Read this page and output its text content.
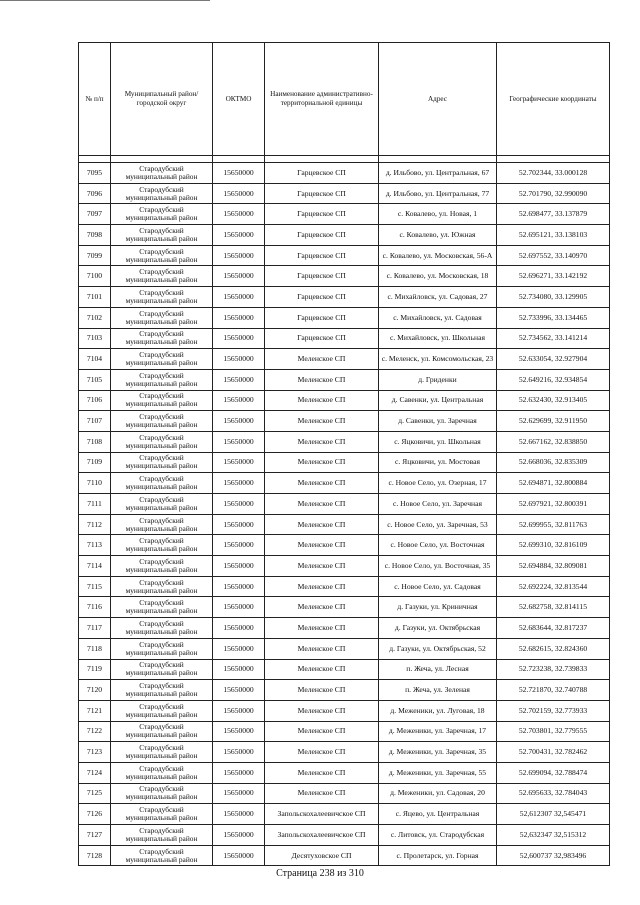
№ п/п	Муниципальный район/городской округ	ОКТМО	Наименование административно-территориальной единицы	Адрес	Географические координаты

7095	Стародубский муниципальный район	15650000	Гарцевское СП	д. Ильбово, ул. Центральная, 67	52.702344, 33.000128
7096	Стародубский муниципальный район	15650000	Гарцевское СП	д. Ильбово, ул. Центральная, 77	52.701790, 32.990090
7097	Стародубский муниципальный район	15650000	Гарцевское СП	с. Ковалево, ул. Новая, 1	52.698477, 33.137879
7098	Стародубский муниципальный район	15650000	Гарцевское СП	с. Ковалево, ул. Южная	52.695121, 33.138103
7099	Стародубский муниципальный район	15650000	Гарцевское СП	с. Ковалево, ул. Московская, 56-А	52.697552, 33.140970
7100	Стародубский муниципальный район	15650000	Гарцевское СП	с. Ковалево, ул. Московская, 18	52.696271, 33.142192
7101	Стародубский муниципальный район	15650000	Гарцевское СП	с. Михайловск, ул. Садовая, 27	52.734080, 33.129905
7102	Стародубский муниципальный район	15650000	Гарцевское СП	с. Михайловск, ул. Садовая	52.733996, 33.134465
7103	Стародубский муниципальный район	15650000	Гарцевское СП	с. Михайловск, ул. Школьная	52.734562, 33.141214
7104	Стародубский муниципальный район	15650000	Меленское СП	с. Меленск, ул. Комсомольская, 23	52.633054, 32.927904
7105	Стародубский муниципальный район	15650000	Меленское СП	д. Гриденки	52.649216, 32.934854
7106	Стародубский муниципальный район	15650000	Меленское СП	д. Савенки, ул. Центральная	52.632430, 32.913405
7107	Стародубский муниципальный район	15650000	Меленское СП	д. Савенки, ул. Заречная	52.629699, 32.911950
7108	Стародубский муниципальный район	15650000	Меленское СП	с. Яцковичи, ул. Школьная	52.667162, 32.838850
7109	Стародубский муниципальный район	15650000	Меленское СП	с. Яцковичи, ул. Мостовая	52.668036, 32.835309
7110	Стародубский муниципальный район	15650000	Меленское СП	с. Новое Село, ул. Озерная, 17	52.694871, 32.800884
7111	Стародубский муниципальный район	15650000	Меленское СП	с. Новое Село, ул. Заречная	52.697921, 32.800391
7112	Стародубский муниципальный район	15650000	Меленское СП	с. Новое Село, ул. Заречная, 53	52.699955, 32.811763
7113	Стародубский муниципальный район	15650000	Меленское СП	с. Новое Село, ул. Восточная	52.699310, 32.816109
7114	Стародубский муниципальный район	15650000	Меленское СП	с. Новое Село, ул. Восточная, 35	52.694884, 32.809081
7115	Стародубский муниципальный район	15650000	Меленское СП	с. Новое Село, ул. Садовая	52.692224, 32.813544
7116	Стародубский муниципальный район	15650000	Меленское СП	д. Газуки, ул. Криничная	52.682758, 32.814115
7117	Стародубский муниципальный район	15650000	Меленское СП	д. Газуки, ул. Октябрьская	52.683644, 32.817237
7118	Стародубский муниципальный район	15650000	Меленское СП	д. Газуки, ул. Октябрьская, 52	52.682615, 32.824360
7119	Стародубский муниципальный район	15650000	Меленское СП	п. Жеча, ул. Лесная	52.723238, 32.739833
7120	Стародубский муниципальный район	15650000	Меленское СП	п. Жеча, ул. Зеленая	52.721870, 32.740788
7121	Стародубский муниципальный район	15650000	Меленское СП	д. Меженики, ул. Луговая, 18	52.702159, 32.773933
7122	Стародубский муниципальный район	15650000	Меленское СП	д. Меженики, ул. Заречная, 17	52.703801, 32.779555
7123	Стародубский муниципальный район	15650000	Меленское СП	д. Меженики, ул. Заречная, 35	52.700431, 32.782462
7124	Стародубский муниципальный район	15650000	Меленское СП	д. Меженики, ул. Заречная, 55	52.699094, 32.788474
7125	Стародубский муниципальный район	15650000	Меленское СП	д. Меженики, ул. Садовая, 20	52.695633, 32.784043
7126	Стародубский муниципальный район	15650000	Запольскохалеевичское СП	с. Яцево, ул. Центральная	52,612307 32,545471
7127	Стародубский муниципальный район	15650000	Запольскохалеевичское СП	с. Литовск, ул. Стародубская	52,632347 32,515312
7128	Стародубский муниципальный район	15650000	Десятуховское СП	с. Пролетарск, ул. Горная	52,600737 32,983496
Страница 238 из 310
